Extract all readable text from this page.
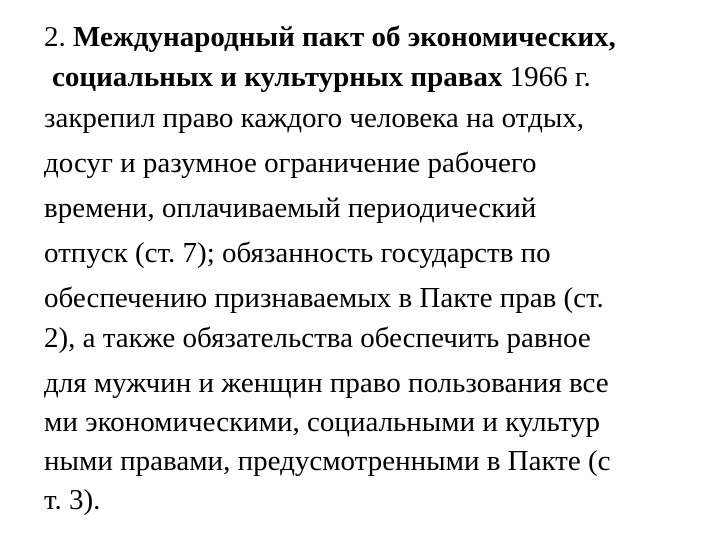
2. Международный пакт об экономических,
социальных и культурных правах 1966 г.
закрепил право каждого человека на отдых,
досуг и разумное ограничение рабочего
времени, оплачиваемый периодический
отпуск (ст. 7); обязанность государств по
обеспечению признаваемых в Пакте прав (ст.
2), а также обязательства обеспечить равное
для мужчин и женщин право пользования все
ми экономическими, социальными и культур
ными правами, предусмотренными в Пакте (с
т. 3).
